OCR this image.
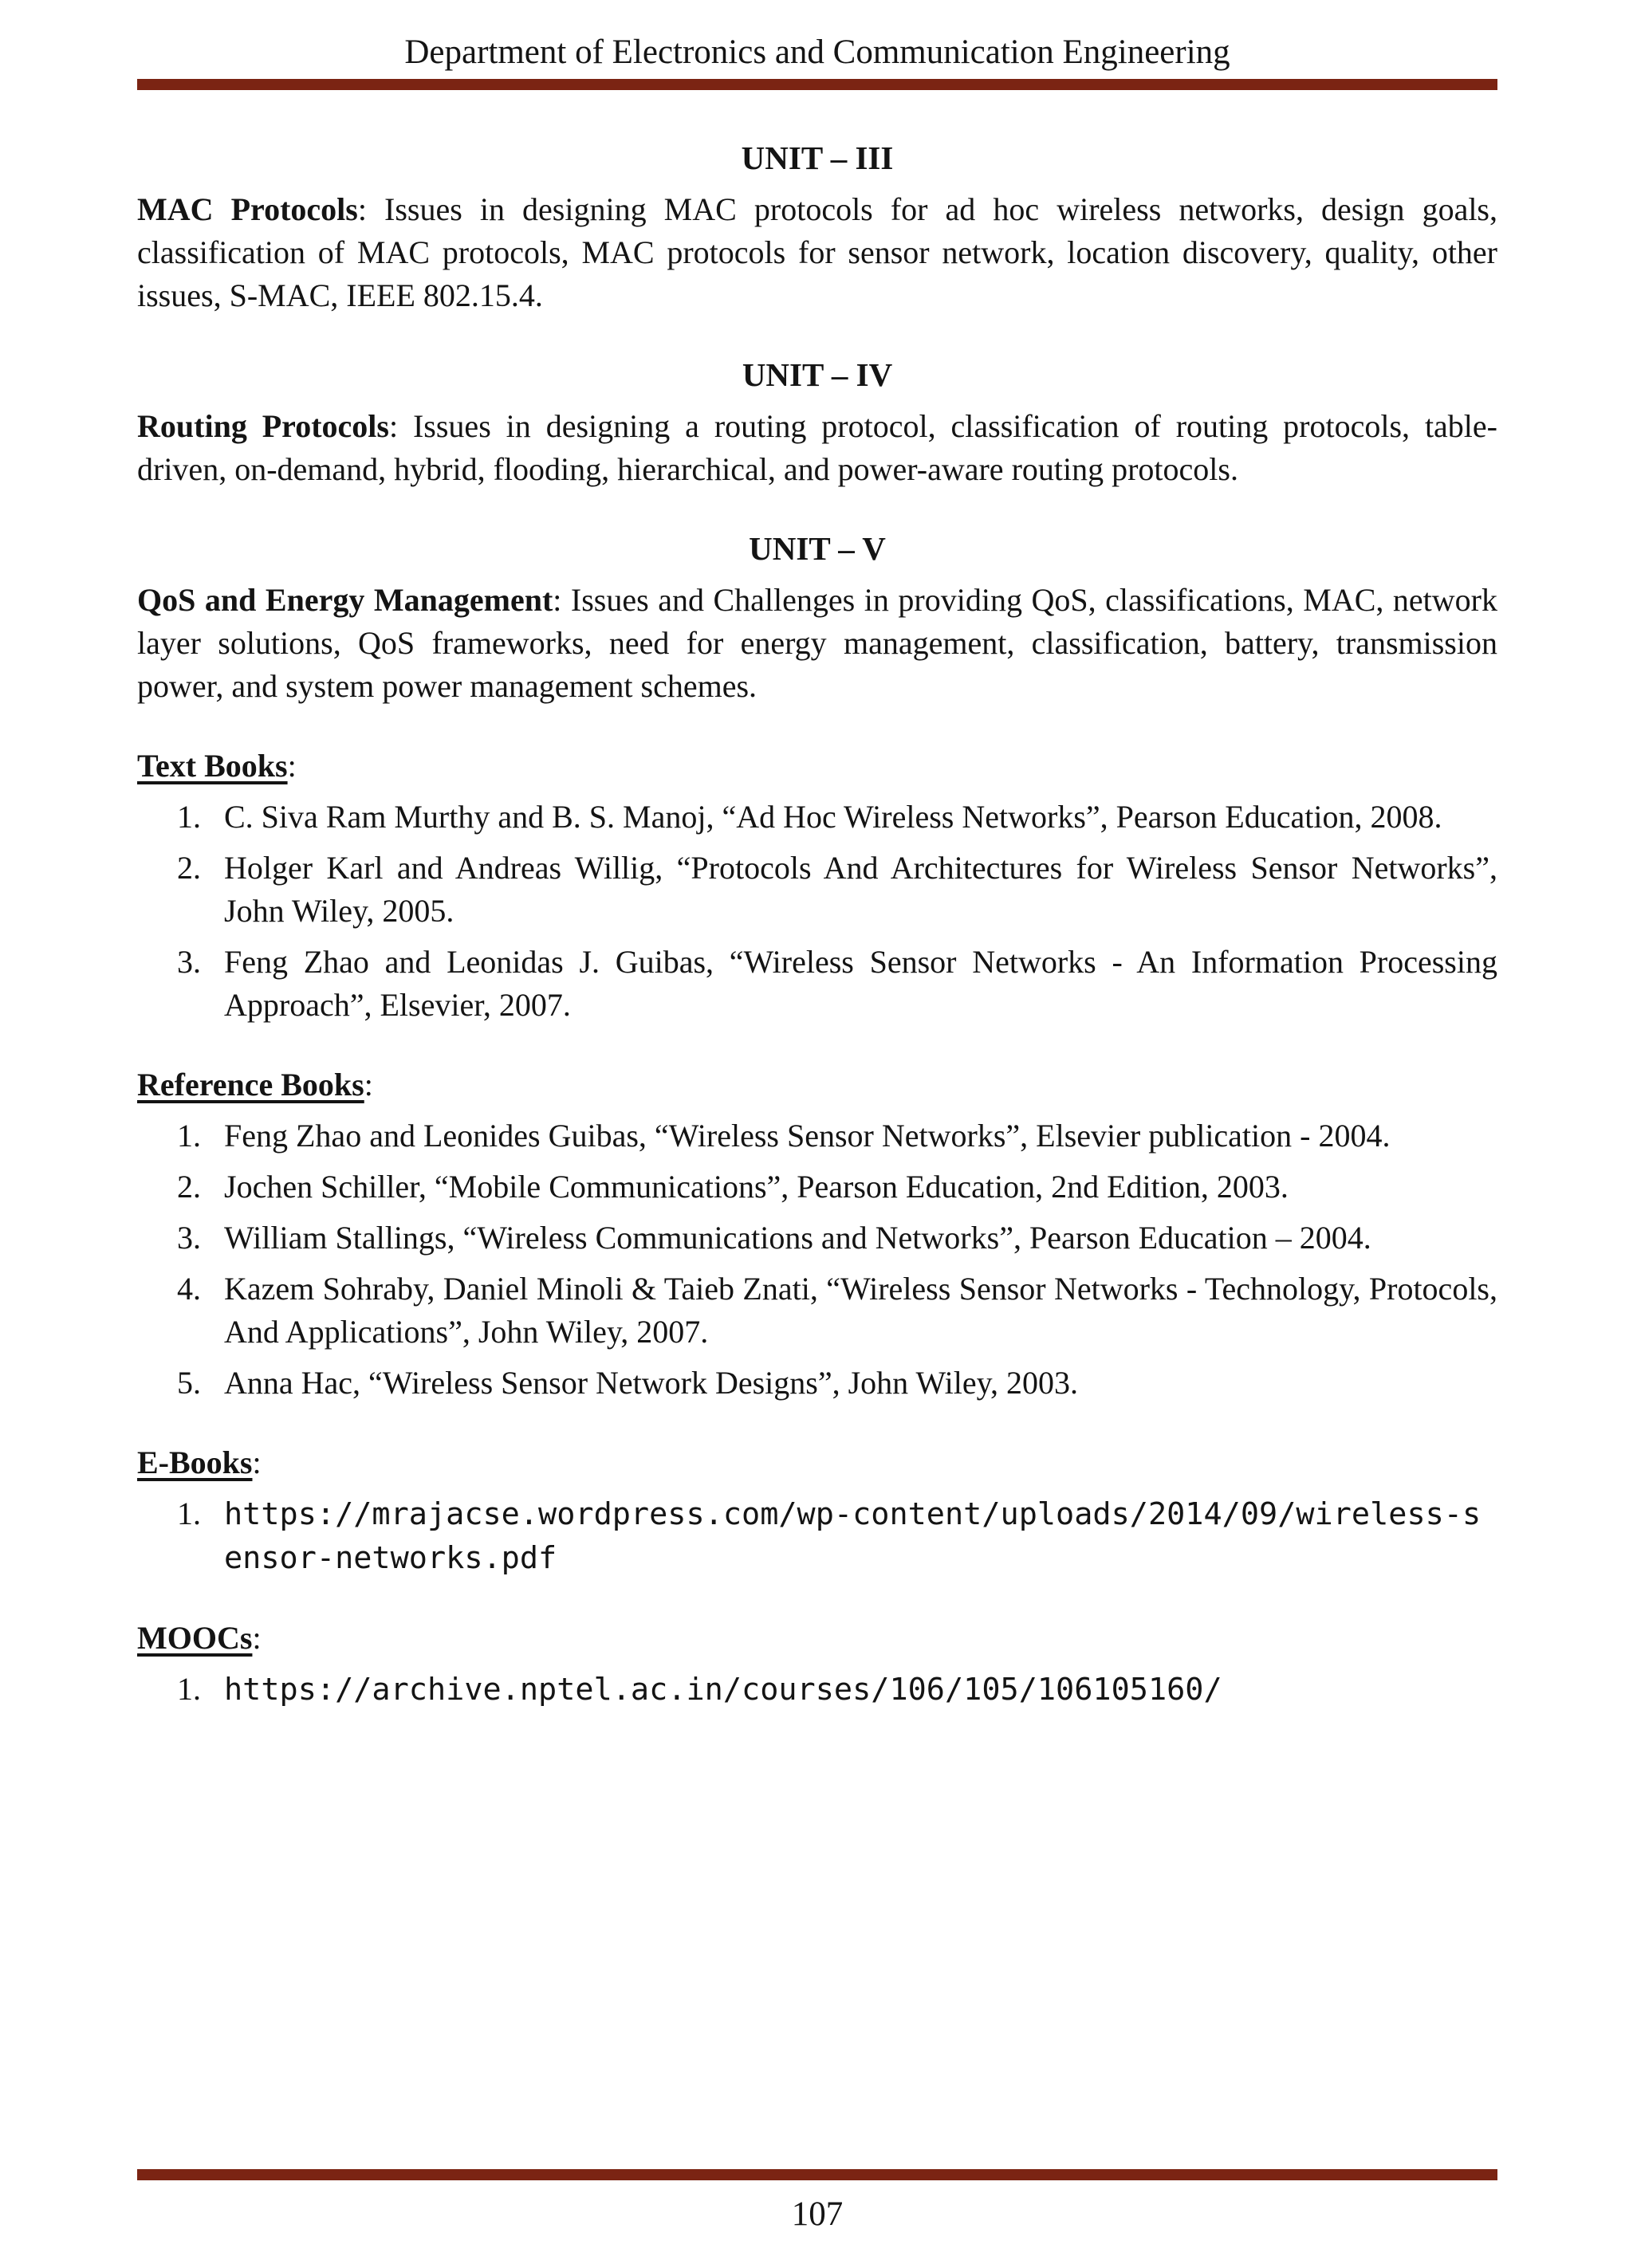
Department of Electronics and Communication Engineering
UNIT – III

MAC Protocols: Issues in designing MAC protocols for ad hoc wireless networks, design goals, classification of MAC protocols, MAC protocols for sensor network, location discovery, quality, other issues, S-MAC, IEEE 802.15.4.

UNIT – IV

Routing Protocols: Issues in designing a routing protocol, classification of routing protocols, table-driven, on-demand, hybrid, flooding, hierarchical, and power-aware routing protocols.

UNIT – V

QoS and Energy Management: Issues and Challenges in providing QoS, classifications, MAC, network layer solutions, QoS frameworks, need for energy management, classification, battery, transmission power, and system power management schemes.

Text Books:
1. C. Siva Ram Murthy and B. S. Manoj, “Ad Hoc Wireless Networks”, Pearson Education, 2008.
2. Holger Karl and Andreas Willig, “Protocols And Architectures for Wireless Sensor Networks”, John Wiley, 2005.
3. Feng Zhao and Leonidas J. Guibas, “Wireless Sensor Networks - An Information Processing Approach”, Elsevier, 2007.
Reference Books:
1. Feng Zhao and Leonides Guibas, “Wireless Sensor Networks”, Elsevier publication - 2004.
2. Jochen Schiller, “Mobile Communications”, Pearson Education, 2nd Edition, 2003.
3. William Stallings, “Wireless Communications and Networks”, Pearson Education – 2004.
4. Kazem Sohraby, Daniel Minoli & Taieb Znati, “Wireless Sensor Networks - Technology, Protocols, And Applications”, John Wiley, 2007.
5. Anna Hac, “Wireless Sensor Network Designs”, John Wiley, 2003.
E-Books:
1. https://mrajacse.wordpress.com/wp-content/uploads/2014/09/wireless-sensor-networks.pdf
MOOCs:
1. https://archive.nptel.ac.in/courses/106/105/106105160/
107
